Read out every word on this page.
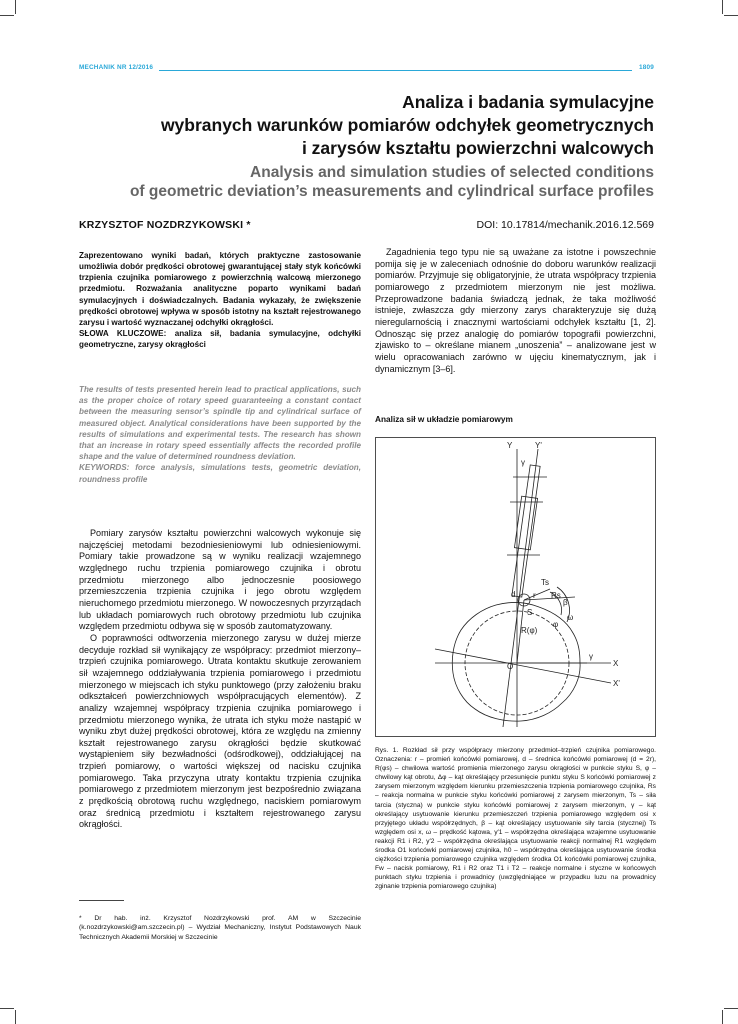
MECHANIK NR 12/2016	1809
Analiza i badania symulacyjne
wybranych warunków pomiarów odchyłek geometrycznych
i zarysów kształtu powierzchni walcowych
Analysis and simulation studies of selected conditions
of geometric deviation’s measurements and cylindrical surface profiles
KRZYSZTOF NOZDRZYKOWSKI *	DOI: 10.17814/mechanik.2016.12.569
Zaprezentowano wyniki badań, których praktyczne zastosowanie umożliwia dobór prędkości obrotowej gwarantującej stały styk końcówki trzpienia czujnika pomiarowego z powierzchnią walcową mierzonego przedmiotu. Rozważania analityczne poparto wynikami badań symulacyjnych i doświadczalnych. Badania wykazały, że zwiększenie prędkości obrotowej wpływa w sposób istotny na kształt rejestrowanego zarysu i wartość wyznaczanej odchyłki okrągłości.
SŁOWA KLUCZOWE: analiza sił, badania symulacyjne, odchyłki geometryczne, zarysy okrągłości
The results of tests presented herein lead to practical applications, such as the proper choice of rotary speed guaranteeing a constant contact between the measuring sensor’s spindle tip and cylindrical surface of measured object. Analytical considerations have been supported by the results of simulations and experimental tests. The research has shown that an increase in rotary speed essentially affects the recorded profile shape and the value of determined roundness deviation.
KEYWORDS: force analysis, simulations tests, geometric deviation, roundness profile

Pomiary zarysów kształtu powierzchni walcowych wykonuje się najczęściej metodami bezodniesieniowymi lub odniesieniowymi. Pomiary takie prowadzone są w wyniku realizacji wzajemnego względnego ruchu trzpienia pomiarowego czujnika i obrotu przedmiotu mierzonego albo jednoczesnie poosiowego przemieszczenia trzpienia czujnika i jego obrotu względem nieruchomego przedmiotu mierzonego. W nowoczesnych przyrządach lub układach pomiarowych ruch obrotowy przedmiotu lub czujnika względem przedmiotu odbywa się w sposób zautomatyzowany.

O poprawności odtworzenia mierzonego zarysu w dużej mierze decyduje rozkład sił wynikający ze współpracy: przedmiot mierzony–trzpień czujnika pomiarowego. Utrata kontaktu skutkuje zerowaniem sił wzajemnego oddziaływania trzpienia pomiarowego i przedmiotu mierzonego w miejscach ich styku punktowego (przy założeniu braku odkształceń powierzchniowych współpracujących elementów). Z analizy wzajemnej współpracy trzpienia czujnika pomiarowego i przedmiotu mierzonego wynika, że utrata ich styku może nastąpić w wyniku zbyt dużej prędkości obrotowej, która ze względu na zmienny kształt rejestrowanego zarysu okrągłości będzie skutkować wystąpieniem siły bezwładności (odśrodkowej), oddziałującej na trzpień pomiarowy, o wartości większej od nacisku czujnika pomiarowego. Taka przyczyna utraty kontaktu trzpienia czujnika pomiarowego z przedmiotem mierzonym jest bezpośrednio związana z prędkością obrotową ruchu względnego, naciskiem pomiarowym oraz średnicą przedmiotu i kształtem rejestrowanego zarysu okrągłości.

Zagadnienia tego typu nie są uważane za istotne i powszechnie pomija się je w zaleceniach odnośnie do doboru warunków realizacji pomiarów. Przyjmuje się obligatoryjnie, że utrata współpracy trzpienia pomiarowego z przedmiotem mierzonym nie jest możliwa. Przeprowadzone badania świadczą jednak, że taka możliwość istnieje, zwłaszcza gdy mierzony zarys charakteryzuje się dużą nieregularnością i znacznymi wartościami odchyłek kształtu [1, 2]. Odnosząc się przez analogię do pomiarów topografii powierzchni, zjawisko to – określane mianem „unoszenia” – analizowane jest w wielu opracowaniach zarówno w ujęciu kinematycznym, jak i dynamicznym [3–6].

Analiza sił w układzie pomiarowym
Y	Y'
γ
X
X'
γ
β
ω
φ
O
R(φ)
S
d r
Ts
Rs
Rys. 1. Rozkład sił przy współpracy mierzony przedmiot–trzpień czujnika pomiarowego. Oznaczenia: r – promień końcówki pomiarowej, d – średnica końcówki pomiarowej (d = 2r), R(φs) – chwilowa wartość promienia mierzonego zarysu okrągłości w punkcie styku S, φ – chwilowy kąt obrotu, Δφ – kąt określający przesunięcie punktu styku S końcówki pomiarowej z zarysem mierzonym względem kierunku przemieszczenia trzpienia pomiarowego czujnika, Rs – reakcja normalna w punkcie styku końcówki pomiarowej z zarysem mierzonym, Ts – siła tarcia (styczna) w punkcie styku końcówki pomiarowej z zarysem mierzonym, γ – kąt określający usytuowanie kierunku przemieszczeń trzpienia pomiarowego względem osi x przyjętego układu współrzędnych, β – kąt określający usytuowanie siły tarcia (stycznej) Ts względem osi x, ω – prędkość kątowa, y′1 – współrzędna określająca wzajemne usytuowanie reakcji R1 i R2, y′2 – współrzędna określająca usytuowanie reakcji normalnej R1 względem środka O1 końcówki pomiarowej czujnika, h0 – współrzędna określająca usytuowanie środka ciężkości trzpienia pomiarowego czujnika względem środka O1 końcówki pomiarowej czujnika, Fw – nacisk pomiarowy, R1 i R2 oraz T1 i T2 – reakcje normalne i styczne w końcowych punktach styku trzpienia i prowadnicy (uwzględniające w przypadku luzu na prowadnicy zginanie trzpienia pomiarowego czujnika)
* Dr hab. inż. Krzysztof Nozdrzykowski prof. AM w Szczecinie (k.nozdrzykowski@am.szczecin.pl) – Wydział Mechaniczny, Instytut Podstawowych Nauk Technicznych Akademii Morskiej w Szczecinie
